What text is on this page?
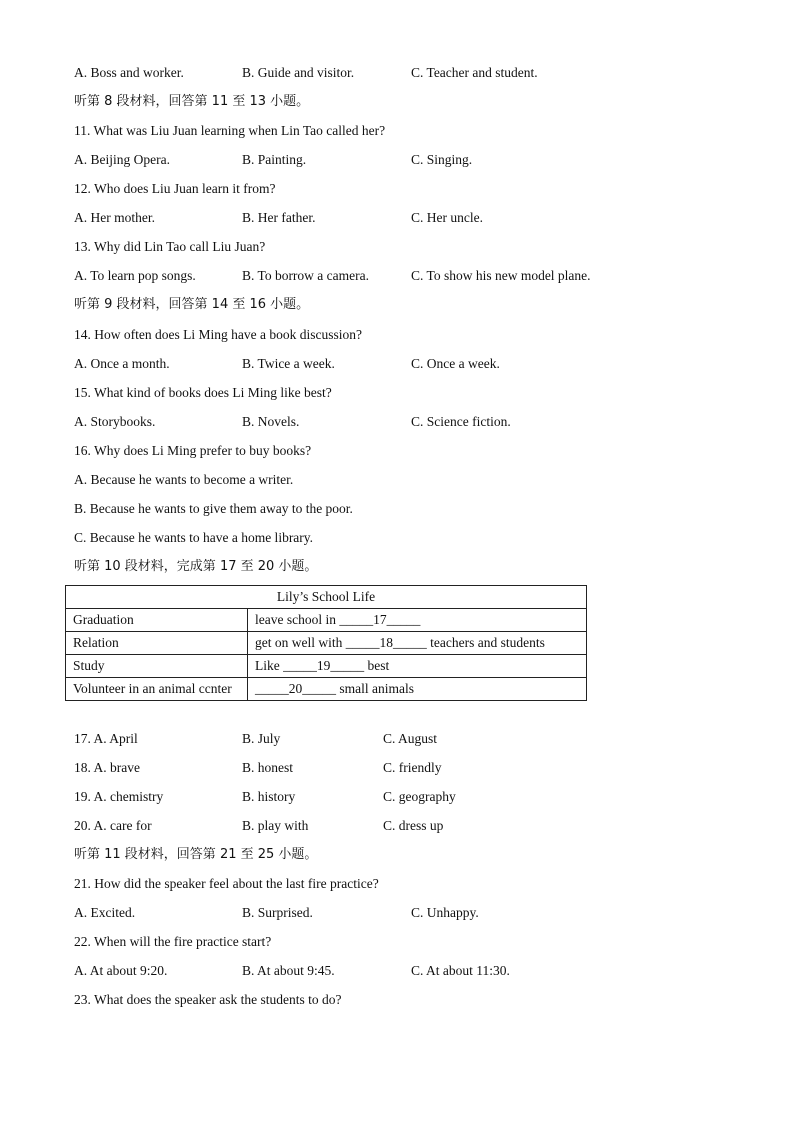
A. Boss and worker.	B. Guide and visitor.	C. Teacher and student.
听第 8 段材料，回答第 11 至 13 小题。
11. What was Liu Juan learning when Lin Tao called her?
A. Beijing Opera.	B. Painting.	C. Singing.
12. Who does Liu Juan learn it from?
A. Her mother.	B. Her father.	C. Her uncle.
13. Why did Lin Tao call Liu Juan?
A. To learn pop songs.	B. To borrow a camera.	C. To show his new model plane.
听第 9 段材料，回答第 14 至 16 小题。
14. How often does Li Ming have a book discussion?
A. Once a month.	B. Twice a week.	C. Once a week.
15. What kind of books does Li Ming like best?
A. Storybooks.	B. Novels.	C. Science fiction.
16. Why does Li Ming prefer to buy books?
A. Because he wants to become a writer.
B. Because he wants to give them away to the poor.
C. Because he wants to have a home library.
听第 10 段材料，完成第 17 至 20 小题。
Lily’s School Life	
Graduation	leave school in _____17_____
Relation	get on well with _____18_____ teachers and students
Study	Like _____19_____ best
Volunteer in an animal ccnter	_____20_____ small animals
17. A. April	B. July	C. August
18. A. brave	B. honest	C. friendly
19. A. chemistry	B. history	C. geography
20. A. care for	B. play with	C. dress up
听第 11 段材料，回答第 21 至 25 小题。
21. How did the speaker feel about the last fire practice?
A. Excited.	B. Surprised.	C. Unhappy.
22. When will the fire practice start?
A. At about 9:20.	B. At about 9:45.	C. At about 11:30.
23. What does the speaker ask the students to do?
